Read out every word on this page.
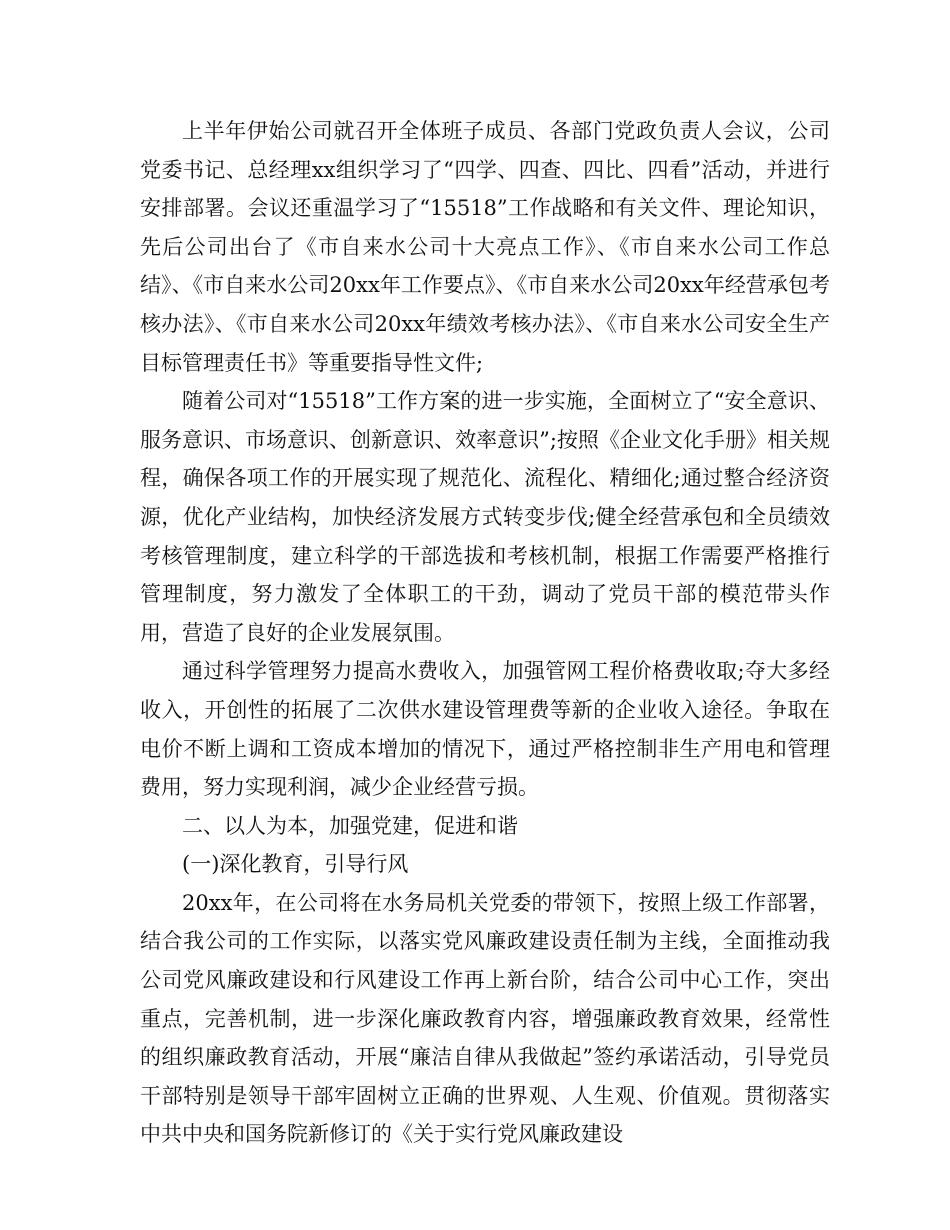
上半年伊始公司就召开全体班子成员、各部门党政负责人会议，公司党委书记、总经理xx组织学习了“四学、四查、四比、四看”活动，并进行安排部署。会议还重温学习了“15518”工作战略和有关文件、理论知识，先后公司出台了《市自来水公司十大亮点工作》、《市自来水公司工作总结》、《市自来水公司20xx年工作要点》、《市自来水公司20xx年经营承包考核办法》、《市自来水公司20xx年绩效考核办法》、《市自来水公司安全生产目标管理责任书》等重要指导性文件;

随着公司对“15518”工作方案的进一步实施，全面树立了“安全意识、服务意识、市场意识、创新意识、效率意识”;按照《企业文化手册》相关规程，确保各项工作的开展实现了规范化、流程化、精细化;通过整合经济资源，优化产业结构，加快经济发展方式转变步伐;健全经营承包和全员绩效考核管理制度，建立科学的干部选拔和考核机制，根据工作需要严格推行管理制度，努力激发了全体职工的干劲，调动了党员干部的模范带头作用，营造了良好的企业发展氛围。

通过科学管理努力提高水费收入，加强管网工程价格费收取;夺大多经收入，开创性的拓展了二次供水建设管理费等新的企业收入途径。争取在电价不断上调和工资成本增加的情况下，通过严格控制非生产用电和管理费用，努力实现利润，减少企业经营亏损。

二、以人为本，加强党建，促进和谐

(一)深化教育，引导行风

20xx年，在公司将在水务局机关党委的带领下，按照上级工作部署，结合我公司的工作实际，以落实党风廉政建设责任制为主线，全面推动我公司党风廉政建设和行风建设工作再上新台阶，结合公司中心工作，突出重点，完善机制，进一步深化廉政教育内容，增强廉政教育效果，经常性的组织廉政教育活动，开展“廉洁自律从我做起”签约承诺活动，引导党员干部特别是领导干部牢固树立正确的世界观、人生观、价值观。贯彻落实中共中央和国务院新修订的《关于实行党风廉政建设
